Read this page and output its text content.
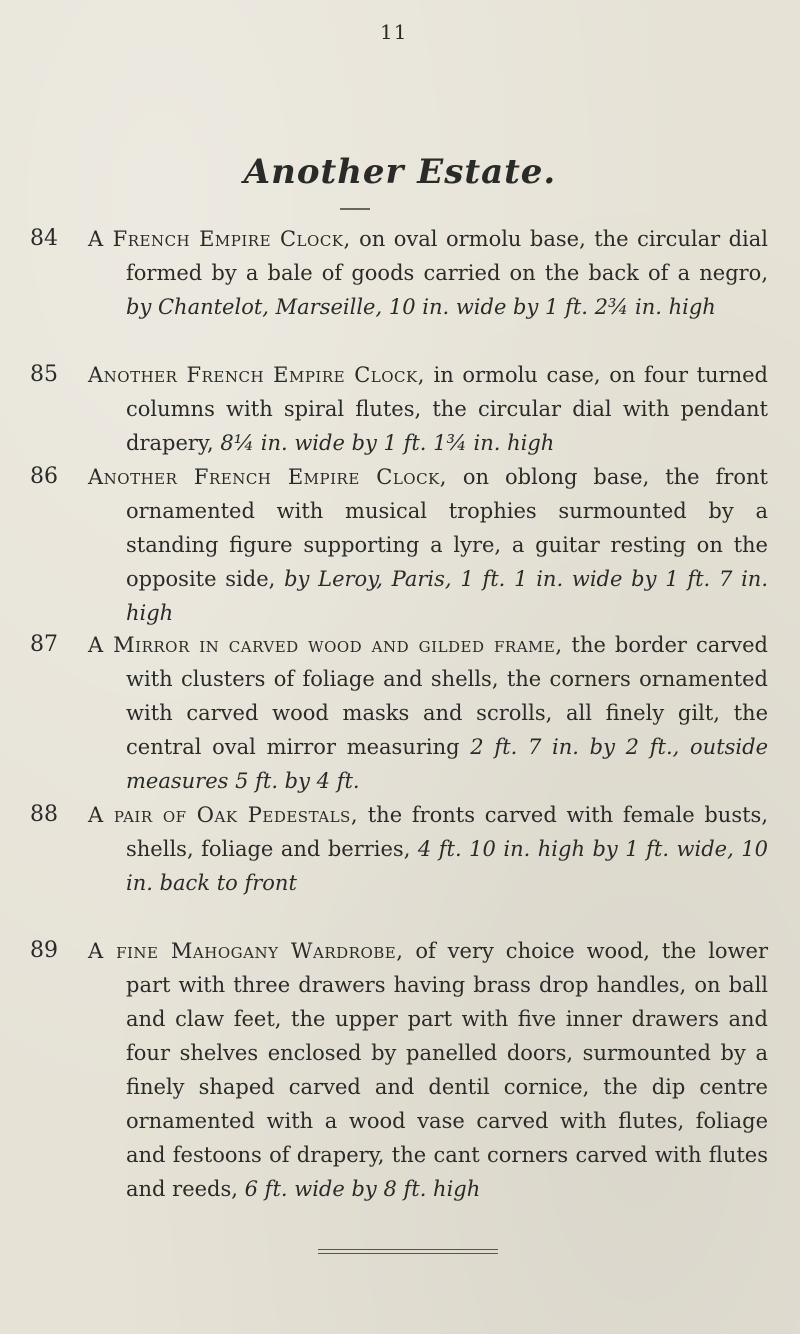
11
Another Estate.
84 A French Empire Clock, on oval ormolu base, the circular dial formed by a bale of goods carried on the back of a negro, by Chantelot, Marseille, 10 in. wide by 1 ft. 2¾ in. high
85 Another French Empire Clock, in ormolu case, on four turned columns with spiral flutes, the circular dial with pendant drapery, 8¼ in. wide by 1 ft. 1¾ in. high
86 Another French Empire Clock, on oblong base, the front ornamented with musical trophies surmounted by a standing figure supporting a lyre, a guitar resting on the opposite side, by Leroy, Paris, 1 ft. 1 in. wide by 1 ft. 7 in. high
87 A Mirror in carved wood and gilded frame, the border carved with clusters of foliage and shells, the corners ornamented with carved wood masks and scrolls, all finely gilt, the central oval mirror measuring 2 ft. 7 in. by 2 ft., outside measures 5 ft. by 4 ft.
88 A pair of Oak Pedestals, the fronts carved with female busts, shells, foliage and berries, 4 ft. 10 in. high by 1 ft. wide, 10 in. back to front
89 A fine Mahogany Wardrobe, of very choice wood, the lower part with three drawers having brass drop handles, on ball and claw feet, the upper part with five inner drawers and four shelves enclosed by panelled doors, surmounted by a finely shaped carved and dentil cornice, the dip centre ornamented with a wood vase carved with flutes, foliage and festoons of drapery, the cant corners carved with flutes and reeds, 6 ft. wide by 8 ft. high
